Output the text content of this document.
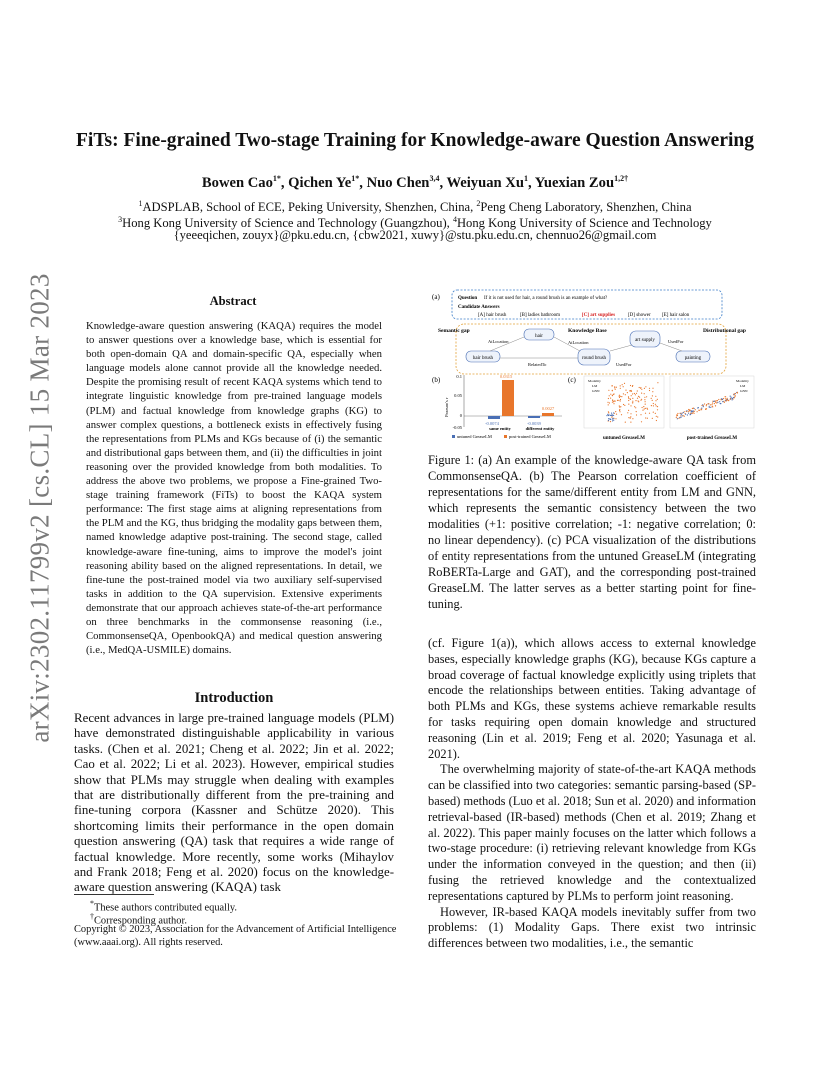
arXiv:2302.11799v2 [cs.CL] 15 Mar 2023
FiTs: Fine-grained Two-stage Training for Knowledge-aware Question Answering
Bowen Cao$^{1*}$, Qichen $Ye^{1*}$, Nuo Chen$^{3,4}$, Weiyuan Xu$^1$, Yuexian Zou$^{1,2\dagger}$
$^1$ADSPLAB, School of ECE, Peking University, Shenzhen, China, $^2$Peng Cheng Laboratory, Shenzhen, China
$^3$Hong Kong University of Science and Technology (Guangzhou), $^4$Hong Kong University of Science and Technology
{yeeeqichen, zouyx}@pku.edu.cn, {cbw2021, xuwy}@stu.pku.edu.cn, chennuo26@gmail.com
Abstract
Knowledge-aware question answering (KAQA) requires the model to answer questions over a knowledge base, which is essential for both open-domain QA and domain-specific QA, especially when language models alone cannot provide all the knowledge needed. Despite the promising result of recent KAQA systems which tend to integrate linguistic knowledge from pre-trained language models (PLM) and factual knowledge from knowledge graphs (KG) to answer complex questions, a bottleneck exists in effectively fusing the representations from PLMs and KGs because of (i) the semantic and distributional gaps between them, and (ii) the difficulties in joint reasoning over the provided knowledge from both modalities. To address the above two problems, we propose a Fine-grained Two-stage training framework (FiTs) to boost the KAQA system performance: The first stage aims at aligning representations from the PLM and the KG, thus bridging the modality gaps between them, named knowledge adaptive post-training. The second stage, called knowledge-aware fine-tuning, aims to improve the model's joint reasoning ability based on the aligned representations. In detail, we fine-tune the post-trained model via two auxiliary self-supervised tasks in addition to the QA supervision. Extensive experiments demonstrate that our approach achieves state-of-the-art performance on three benchmarks in the commonsense reasoning (i.e., CommonsenseQA, OpenbookQA) and medical question answering (i.e., MedQA-USMILE) domains.
Introduction
Recent advances in large pre-trained language models (PLM) have demonstrated distinguishable applicability in various tasks. (Chen et al. 2021; Cheng et al. 2022; Jin et al. 2022; Cao et al. 2022; Li et al. 2023). However, empirical studies show that PLMs may struggle when dealing with examples that are distributionally different from the pre-training and fine-tuning corpora (Kassner and Schütze 2020). This shortcoming limits their performance in the open domain question answering (QA) task that requires a wide range of factual knowledge. More recently, some works (Mihaylov and Frank 2018; Feng et al. 2020) focus on the knowledge-aware question answering (KAQA) task
*These authors contributed equally.
†Corresponding author.
Copyright © 2023, Association for the Advancement of Artificial Intelligence (www.aaai.org). All rights reserved.
(a)	Question If it is not used for hair, a round brush is an example of what?
Candidate Answers
[A] hair brush	[B] ladies bathroom	[C] art supplies	[D] shower [E] hair salon
Semantic gap	Knowledge Base	Distributional gap
hair
hair brush	round brush
art supply
painting
AtLocation	AtLocation
RelatedTo	UsedFor
UsedFor
(b)
Pearson's r
0.1
0.05
0
-0.05
0.0315
-0.0074
0.0027
-0.0039
same entity	different entity
untuned GreaseLM	post-trained GreaseLM
(c)	Modality
LM
GNN
Modality
LM
GNN
untuned GreaseLM	post-trained GreaseLM
Figure 1: (a) An example of the knowledge-aware QA task from CommonsenseQA. (b) The Pearson correlation coefficient of representations for the same/different entity from LM and GNN, which represents the semantic consistency between the two modalities (+1: positive correlation; -1: negative correlation; 0: no linear dependency). (c) PCA visualization of the distributions of entity representations from the untuned GreaseLM (integrating RoBERTa-Large and GAT), and the corresponding post-trained GreaseLM. The latter serves as a better starting point for fine-tuning.

(cf. Figure 1(a)), which allows access to external knowledge bases, especially knowledge graphs (KG), because KGs capture a broad coverage of factual knowledge explicitly using triplets that encode the relationships between entities. Taking advantage of both PLMs and KGs, these systems achieve remarkable results for tasks requiring open domain knowledge and structured reasoning (Lin et al. 2019; Feng et al. 2020; Yasunaga et al. 2021).

The overwhelming majority of state-of-the-art KAQA methods can be classified into two categories: semantic parsing-based (SP-based) methods (Luo et al. 2018; Sun et al. 2020) and information retrieval-based (IR-based) methods (Chen et al. 2019; Zhang et al. 2022). This paper mainly focuses on the latter which follows a two-stage procedure: (i) retrieving relevant knowledge from KGs under the information conveyed in the question; and then (ii) fusing the retrieved knowledge and the contextualized representations captured by PLMs to perform joint reasoning.

However, IR-based KAQA models inevitably suffer from two problems: (1) Modality Gaps. There exist two intrinsic differences between two modalities, i.e., the semantic
